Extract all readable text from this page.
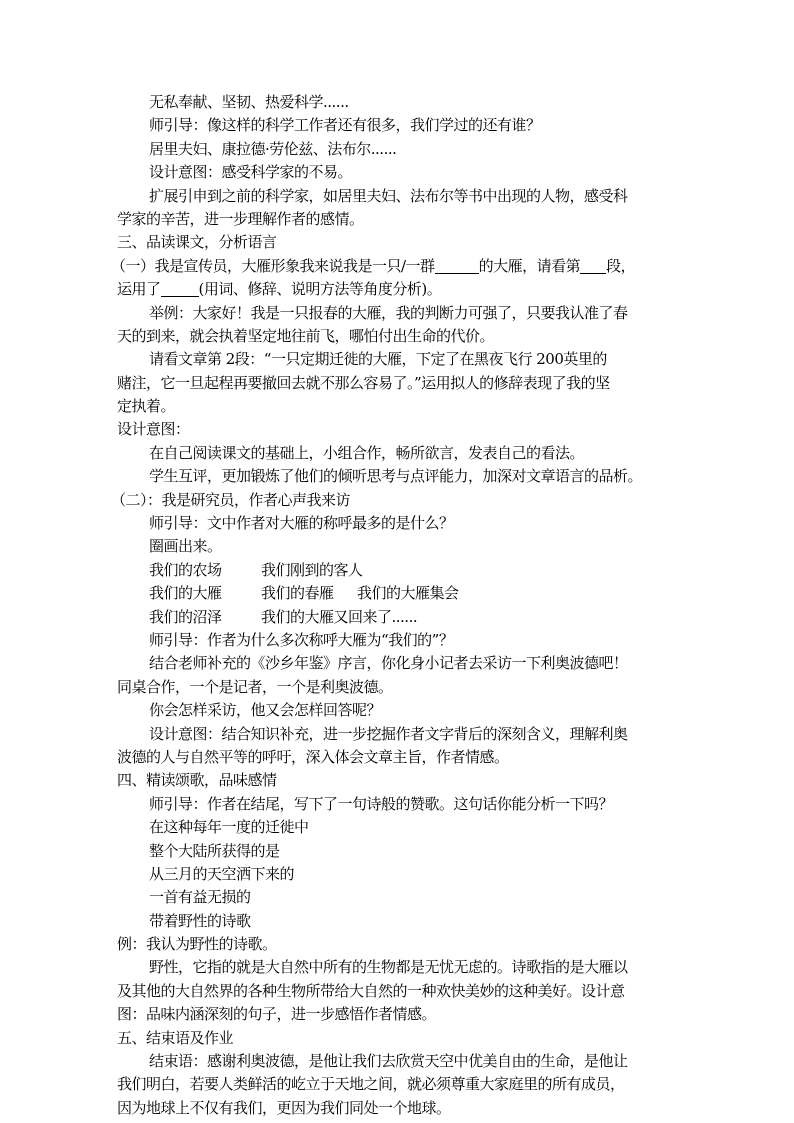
无私奉献、坚韧、热爱科学......
师引导：像这样的科学工作者还有很多，我们学过的还有谁？
居里夫妇、康拉德·劳伦兹、法布尔......
设计意图：感受科学家的不易。
扩展引申到之前的科学家，如居里夫妇、法布尔等书中出现的人物，感受科
学家的辛苦，进一步理解作者的感情。
三、品读课文，分析语言
（一）我是宣传员，大雁形象我来说我是一只/一群	的大雁，请看第 段，
运用了	(用词、修辞、说明方法等角度分析)。
举例：大家好！我是一只报春的大雁，我的判断力可强了，只要我认准了春
天的到来，就会执着坚定地往前飞，哪怕付出生命的代价。
请看文章第 2段：“一只定期迁徙的大雁，下定了在黑夜飞行 200英里的
赌注，它一旦起程再要撤回去就不那么容易了。”运用拟人的修辞表现了我的坚
定执着。
设计意图：
在自己阅读课文的基础上，小组合作，畅所欲言，发表自己的看法。
学生互评，更加锻炼了他们的倾听思考与点评能力，加深对文章语言的品析。
（二）：我是研究员，作者心声我来访
师引导：文中作者对大雁的称呼最多的是什么？
圈画出来。
我们的农场	我们刚到的客人
我们的大雁	我们的春雁	我们的大雁集会
我们的沼泽	我们的大雁又回来了......
师引导：作者为什么多次称呼大雁为“我们的”？
结合老师补充的《沙乡年鉴》序言，你化身小记者去采访一下利奥波德吧！
同桌合作，一个是记者，一个是利奥波德。
你会怎样采访，他又会怎样回答呢？
设计意图：结合知识补充，进一步挖掘作者文字背后的深刻含义，理解利奥
波德的人与自然平等的呼吁，深入体会文章主旨，作者情感。
四、精读颂歌，品味感情
师引导：作者在结尾，写下了一句诗般的赞歌。这句话你能分析一下吗？
在这种每年一度的迁徙中
整个大陆所获得的是
从三月的天空洒下来的
一首有益无损的
带着野性的诗歌
例：我认为野性的诗歌。
野性，它指的就是大自然中所有的生物都是无忧无虑的。诗歌指的是大雁以
及其他的大自然界的各种生物所带给大自然的一种欢快美妙的这种美好。设计意
图：品味内涵深刻的句子，进一步感悟作者情感。
五、结束语及作业
结束语：感谢利奥波德，是他让我们去欣赏天空中优美自由的生命，是他让
我们明白，若要人类鲜活的屹立于天地之间，就必须尊重大家庭里的所有成员，
因为地球上不仅有我们，更因为我们同处一个地球。
